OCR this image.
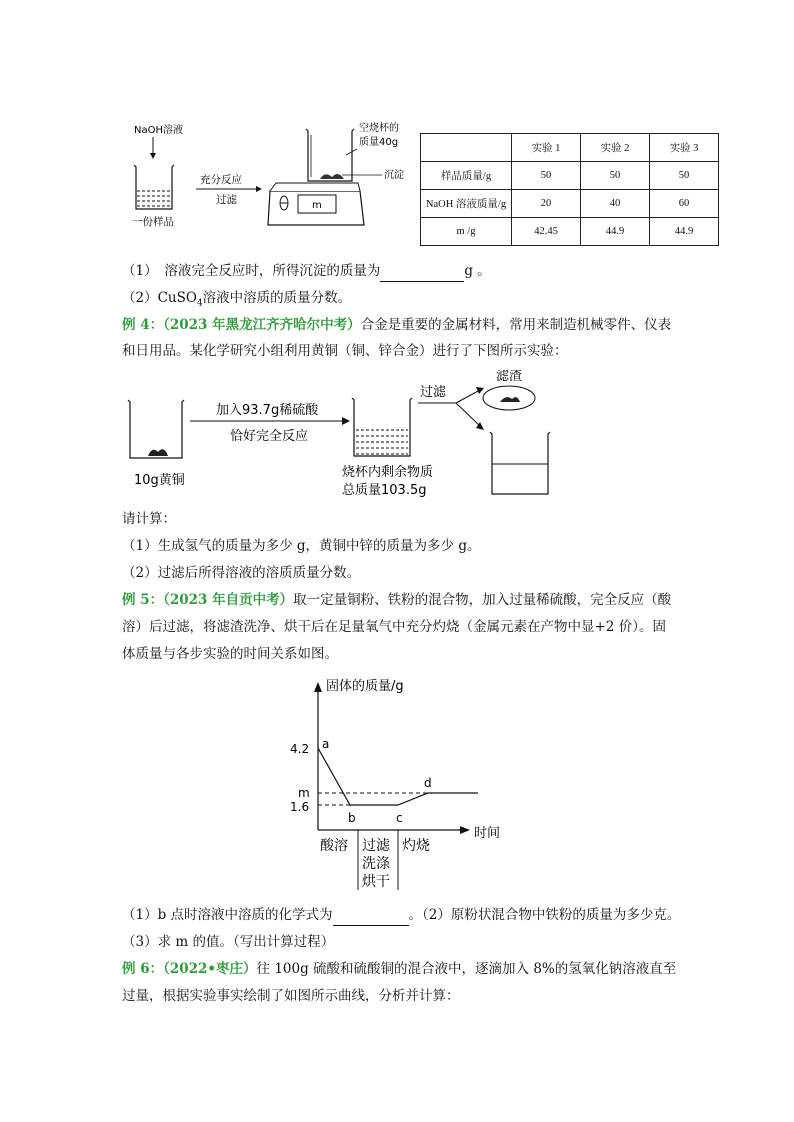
NaOH溶液
一份样品
充分反应
过滤	m
空烧杯的
质量40g
沉淀
	实验 1	实验 2	实验 3
样品质量/g	50	50	50
NaOH 溶液质量/g	20	40	60
m /g	42.45	44.9	44.9
（1）　溶液完全反应时，所得沉淀的质量为	g 。
（2）CuSO$_4$溶液中溶质的质量分数。
例 4：（2023 年黑龙江齐齐哈尔中考）合金是重要的金属材料，常用来制造机械零件、仪表
和日用品。某化学研究小组利用黄铜（铜、锌合金）进行了下图所示实验：
10g黄铜
加入93.7g稀硫酸
恰好完全反应
烧杯内剩余物质
总质量103.5g
过滤
滤渣
请计算：
（1）生成氢气的质量为多少 g，黄铜中锌的质量为多少 g。
（2）过滤后所得溶液的溶质质量分数。
例 5：（2023 年自贡中考）取一定量铜粉、铁粉的混合物，加入过量稀硫酸，完全反应（酸
溶）后过滤，将滤渣洗净、烘干后在足量氧气中充分灼烧（金属元素在产物中显+2 价）。固
体质量与各步实验的时间关系如图。
固体的质量/g
时间
4.2
m
1.6
a
b	c
d
酸溶 过滤
洗涤
烘干
灼烧
（1）b 点时溶液中溶质的化学式为	。（2）原粉状混合物中铁粉的质量为多少克。
（3）求 m 的值。（写出计算过程）
例 6：（2022•枣庄）往 100g 硫酸和硫酸铜的混合液中，逐滴加入 8%的氢氧化钠溶液直至
过量，根据实验事实绘制了如图所示曲线，分析并计算：
